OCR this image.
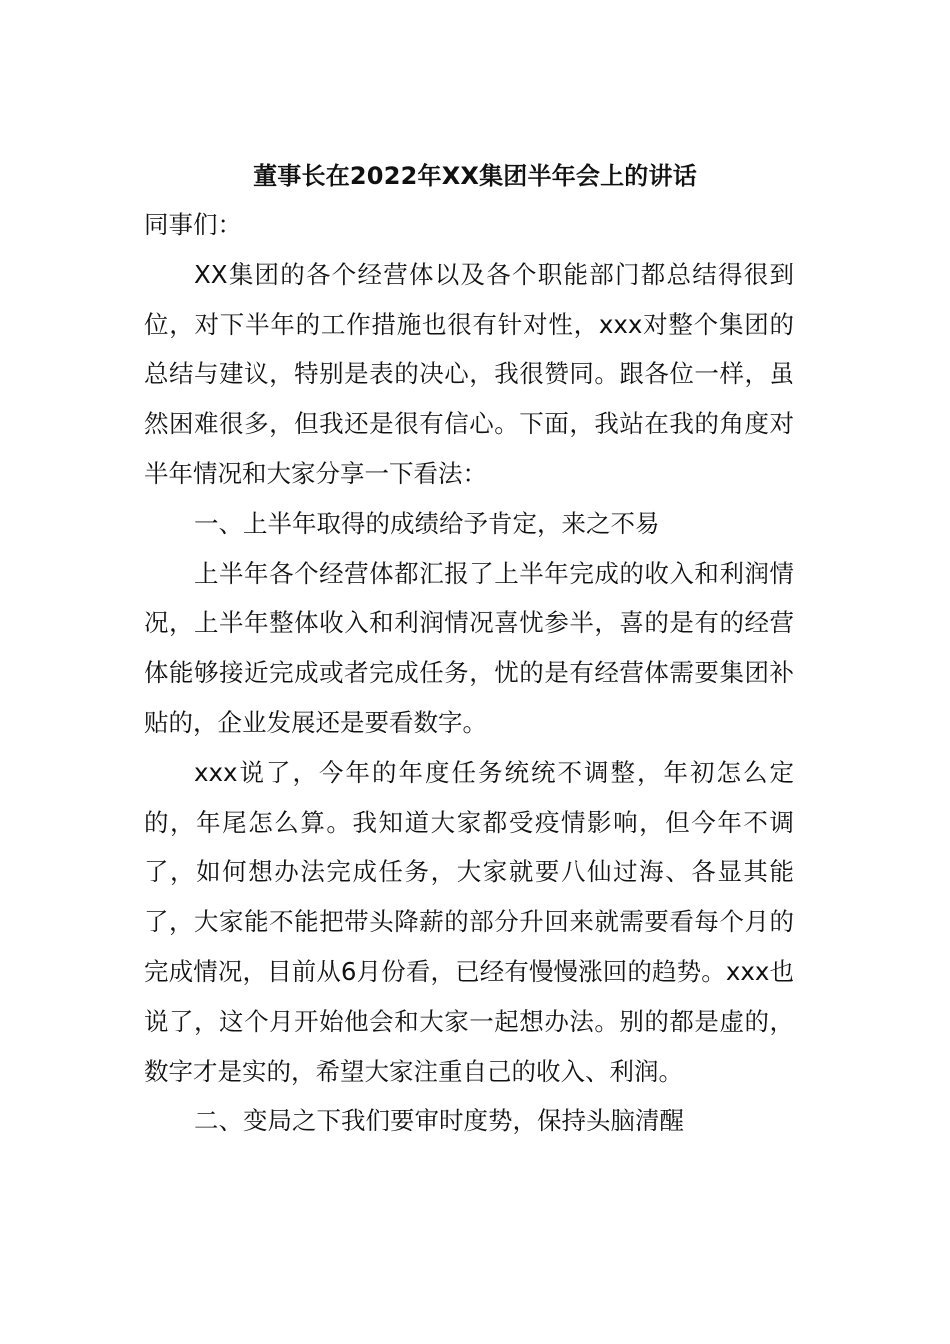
董事长在2022年XX集团半年会上的讲话

同事们：

XX集团的各个经营体以及各个职能部门都总结得很到位，对下半年的工作措施也很有针对性，xxx对整个集团的总结与建议，特别是表的决心，我很赞同。跟各位一样，虽然困难很多，但我还是很有信心。下面，我站在我的角度对半年情况和大家分享一下看法：

一、上半年取得的成绩给予肯定，来之不易

上半年各个经营体都汇报了上半年完成的收入和利润情况，上半年整体收入和利润情况喜忧参半，喜的是有的经营体能够接近完成或者完成任务，忧的是有经营体需要集团补贴的，企业发展还是要看数字。

xxx说了，今年的年度任务统统不调整，年初怎么定的，年尾怎么算。我知道大家都受疫情影响，但今年不调了，如何想办法完成任务，大家就要八仙过海、各显其能了，大家能不能把带头降薪的部分升回来就需要看每个月的完成情况，目前从6月份看，已经有慢慢涨回的趋势。xxx也说了，这个月开始他会和大家一起想办法。别的都是虚的，数字才是实的，希望大家注重自己的收入、利润。

二、变局之下我们要审时度势，保持头脑清醒
